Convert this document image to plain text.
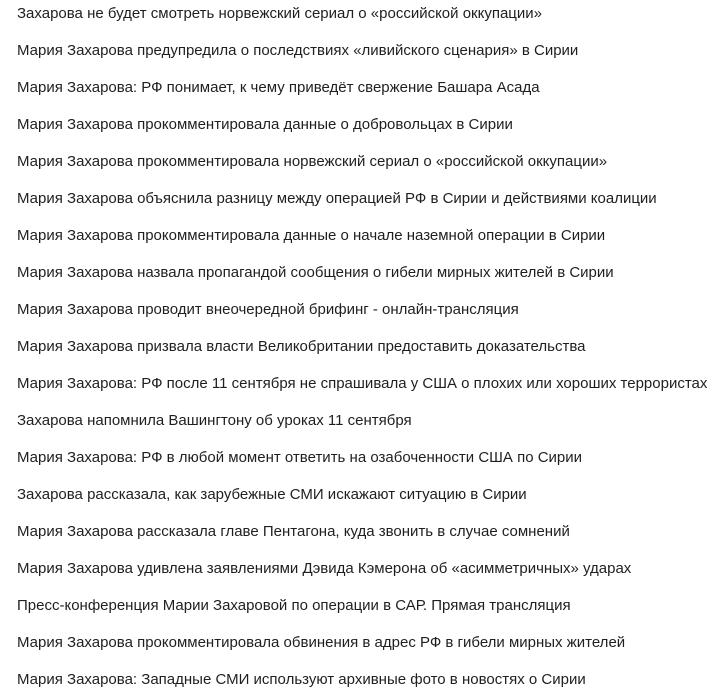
Захарова не будет смотреть норвежский сериал о «российской оккупации»
Мария Захарова предупредила о последствиях «ливийского сценария» в Сирии
Мария Захарова: РФ понимает, к чему приведёт свержение Башара Асада
Мария Захарова прокомментировала данные о добровольцах в Сирии
Мария Захарова прокомментировала норвежский сериал о «российской оккупации»
Мария Захарова объяснила разницу между операцией РФ в Сирии и действиями коалиции
Мария Захарова прокомментировала данные о начале наземной операции в Сирии
Мария Захарова назвала пропагандой сообщения о гибели мирных жителей в Сирии
Мария Захарова проводит внеочередной брифинг - онлайн-трансляция
Мария Захарова призвала власти Великобритании предоставить доказательства
Мария Захарова: РФ после 11 сентября не спрашивала у США о плохих или хороших террористах
Захарова напомнила Вашингтону об уроках 11 сентября
Мария Захарова: РФ в любой момент ответить на озабоченности США по Сирии
Захарова рассказала, как зарубежные СМИ искажают ситуацию в Сирии
Мария Захарова рассказала главе Пентагона, куда звонить в случае сомнений
Мария Захарова удивлена заявлениями Дэвида Кэмерона об «асимметричных» ударах
Пресс-конференция Марии Захаровой по операции в САР. Прямая трансляция
Мария Захарова прокомментировала обвинения в адрес РФ в гибели мирных жителей
Мария Захарова: Западные СМИ используют архивные фото в новостях о Сирии
